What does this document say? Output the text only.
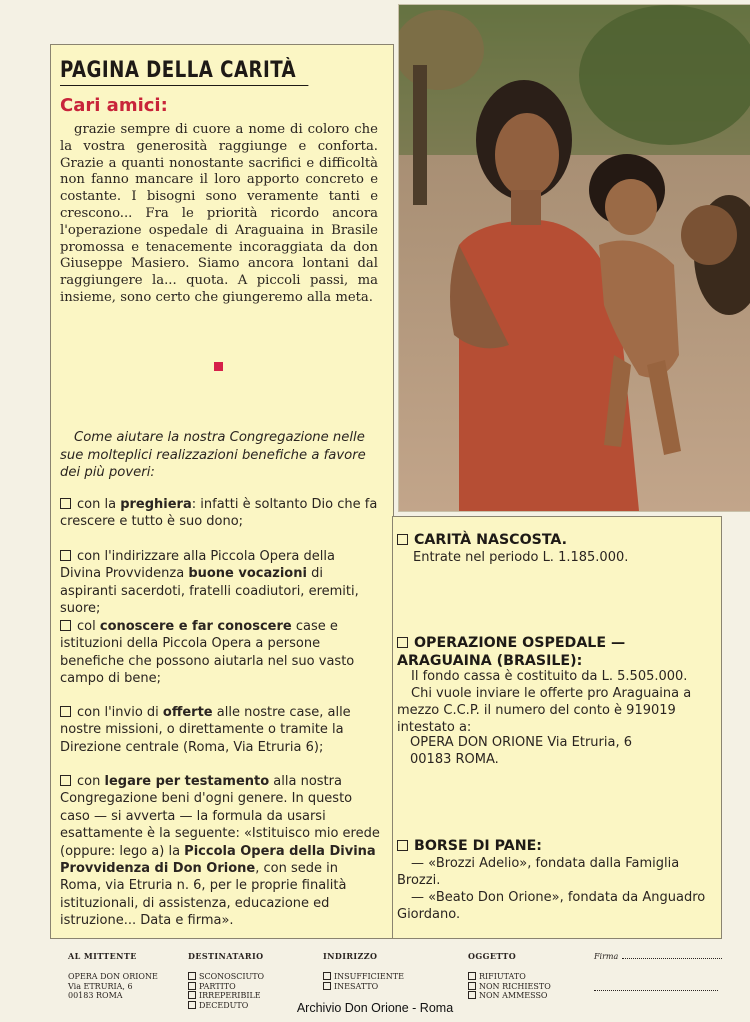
PAGINA DELLA CARITÀ
Cari amici:

grazie sempre di cuore a nome di coloro che la vostra generosità raggiunge e conforta. Grazie a quanti nonostante sacrifici e difficoltà non fanno mancare il loro apporto concreto e costante. I bisogni sono veramente tanti e crescono... Fra le priorità ricordo ancora l'operazione ospedale di Araguaina in Brasile promossa e tenacemente incoraggiata da don Giuseppe Masiero. Siamo ancora lontani dal raggiungere la... quota. A piccoli passi, ma insieme, sono certo che giungeremo alla meta.

Come aiutare la nostra Congregazione nelle sue molteplici realizzazioni benefiche a favore dei più poveri:

con la preghiera: infatti è soltanto Dio che fa crescere e tutto è suo dono;

con l'indirizzare alla Piccola Opera della Divina Provvidenza buone vocazioni di aspiranti sacerdoti, fratelli coadiutori, eremiti, suore;

col conoscere e far conoscere case e istituzioni della Piccola Opera a persone benefiche che possono aiutarla nel suo vasto campo di bene;

con l'invio di offerte alle nostre case, alle nostre missioni, o direttamente o tramite la Direzione centrale (Roma, Via Etruria 6);

con legare per testamento alla nostra Congregazione beni d'ogni genere. In questo caso — si avverta — la formula da usarsi esattamente è la seguente: «Istituisco mio erede (oppure: lego a) la Piccola Opera della Divina Provvidenza di Don Orione, con sede in Roma, via Etruria n. 6, per le proprie finalità istituzionali, di assistenza, educazione ed istruzione... Data e firma».

CARITÀ NASCOSTA.

Entrate nel periodo L. 1.185.000.

OPERAZIONE OSPEDALE — ARAGUAINA (BRASILE):

Il fondo cassa è costituito da L. 5.505.000.

Chi vuole inviare le offerte pro Araguaina a mezzo C.C.P. il numero del conto è 919019 intestato a:

OPERA DON ORIONE Via Etruria, 6

00183 ROMA.

BORSE DI PANE:

— «Brozzi Adelio», fondata dalla Famiglia Brozzi.

— «Beato Don Orione», fondata da Anguadro Giordano.

AL MITTENTE
OPERA DON ORIONE
Via ETRURIA, 6
00183 ROMA
DESTINATARIO
SCONOSCIUTO
PARTITO
IRREPERIBILE
DECEDUTO
INDIRIZZO
INSUFFICIENTE
INESATTO
OGGETTO
RIFIUTATO
NON RICHIESTO
NON AMMESSO
Firma
Archivio Don Orione - Roma
